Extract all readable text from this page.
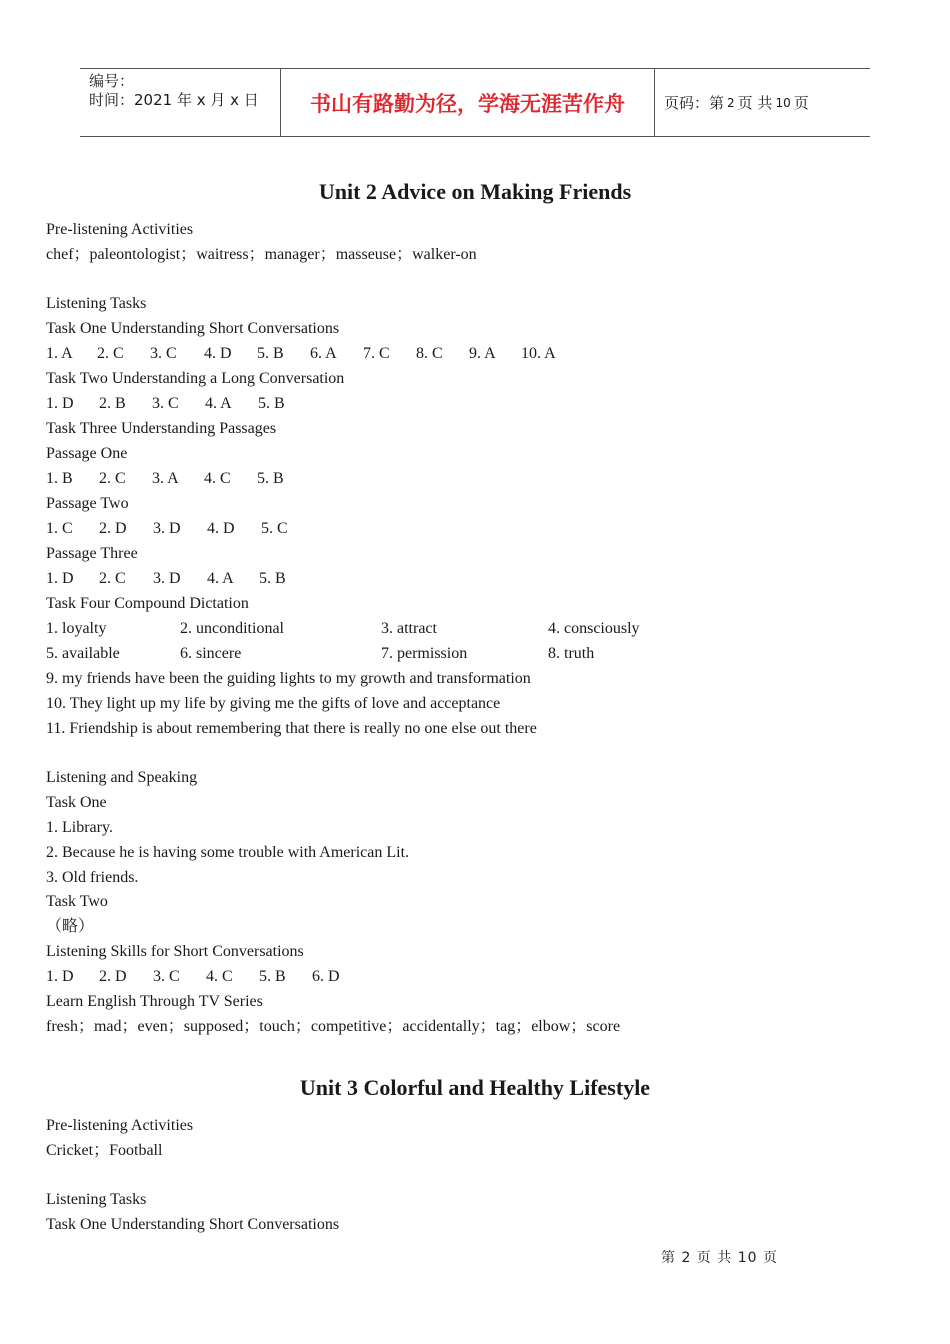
编号：
时间：2021 年 x 月 x 日	书山有路勤为径，学海无涯苦作舟	页码：第 2 页 共 10 页
Unit 2 Advice on Making Friends
Pre-listening Activities
chef；paleontologist；waitress；manager；masseuse；walker-on
Listening Tasks
Task One Understanding Short Conversations
1. A 2. C 3. C 4. D 5. B 6. A 7. C 8. C 9. A 10. A
Task Two Understanding a Long Conversation
1. D 2. B 3. C 4. A 5. B
Task Three Understanding Passages
Passage One
1. B 2. C 3. A 4. C 5. B
Passage Two
1. C 2. D 3. D 4. D 5. C
Passage Three
1. D 2. C 3. D 4. A 5. B
Task Four Compound Dictation
1. loyalty	2. unconditional	3. attract	4. consciously
5. available	6. sincere	7. permission	8. truth
9. my friends have been the guiding lights to my growth and transformation
10. They light up my life by giving me the gifts of love and acceptance
11. Friendship is about remembering that there is really no one else out there
Listening and Speaking
Task One
1. Library.
2. Because he is having some trouble with American Lit.
3. Old friends.
Task Two
（略）
Listening Skills for Short Conversations
1. D 2. D 3. C 4. C 5. B 6. D
Learn English Through TV Series
fresh；mad；even；supposed；touch；competitive；accidentally；tag；elbow；score
Unit 3 Colorful and Healthy Lifestyle
Pre-listening Activities
Cricket；Football
Listening Tasks
Task One Understanding Short Conversations
第 2 页 共 10 页
